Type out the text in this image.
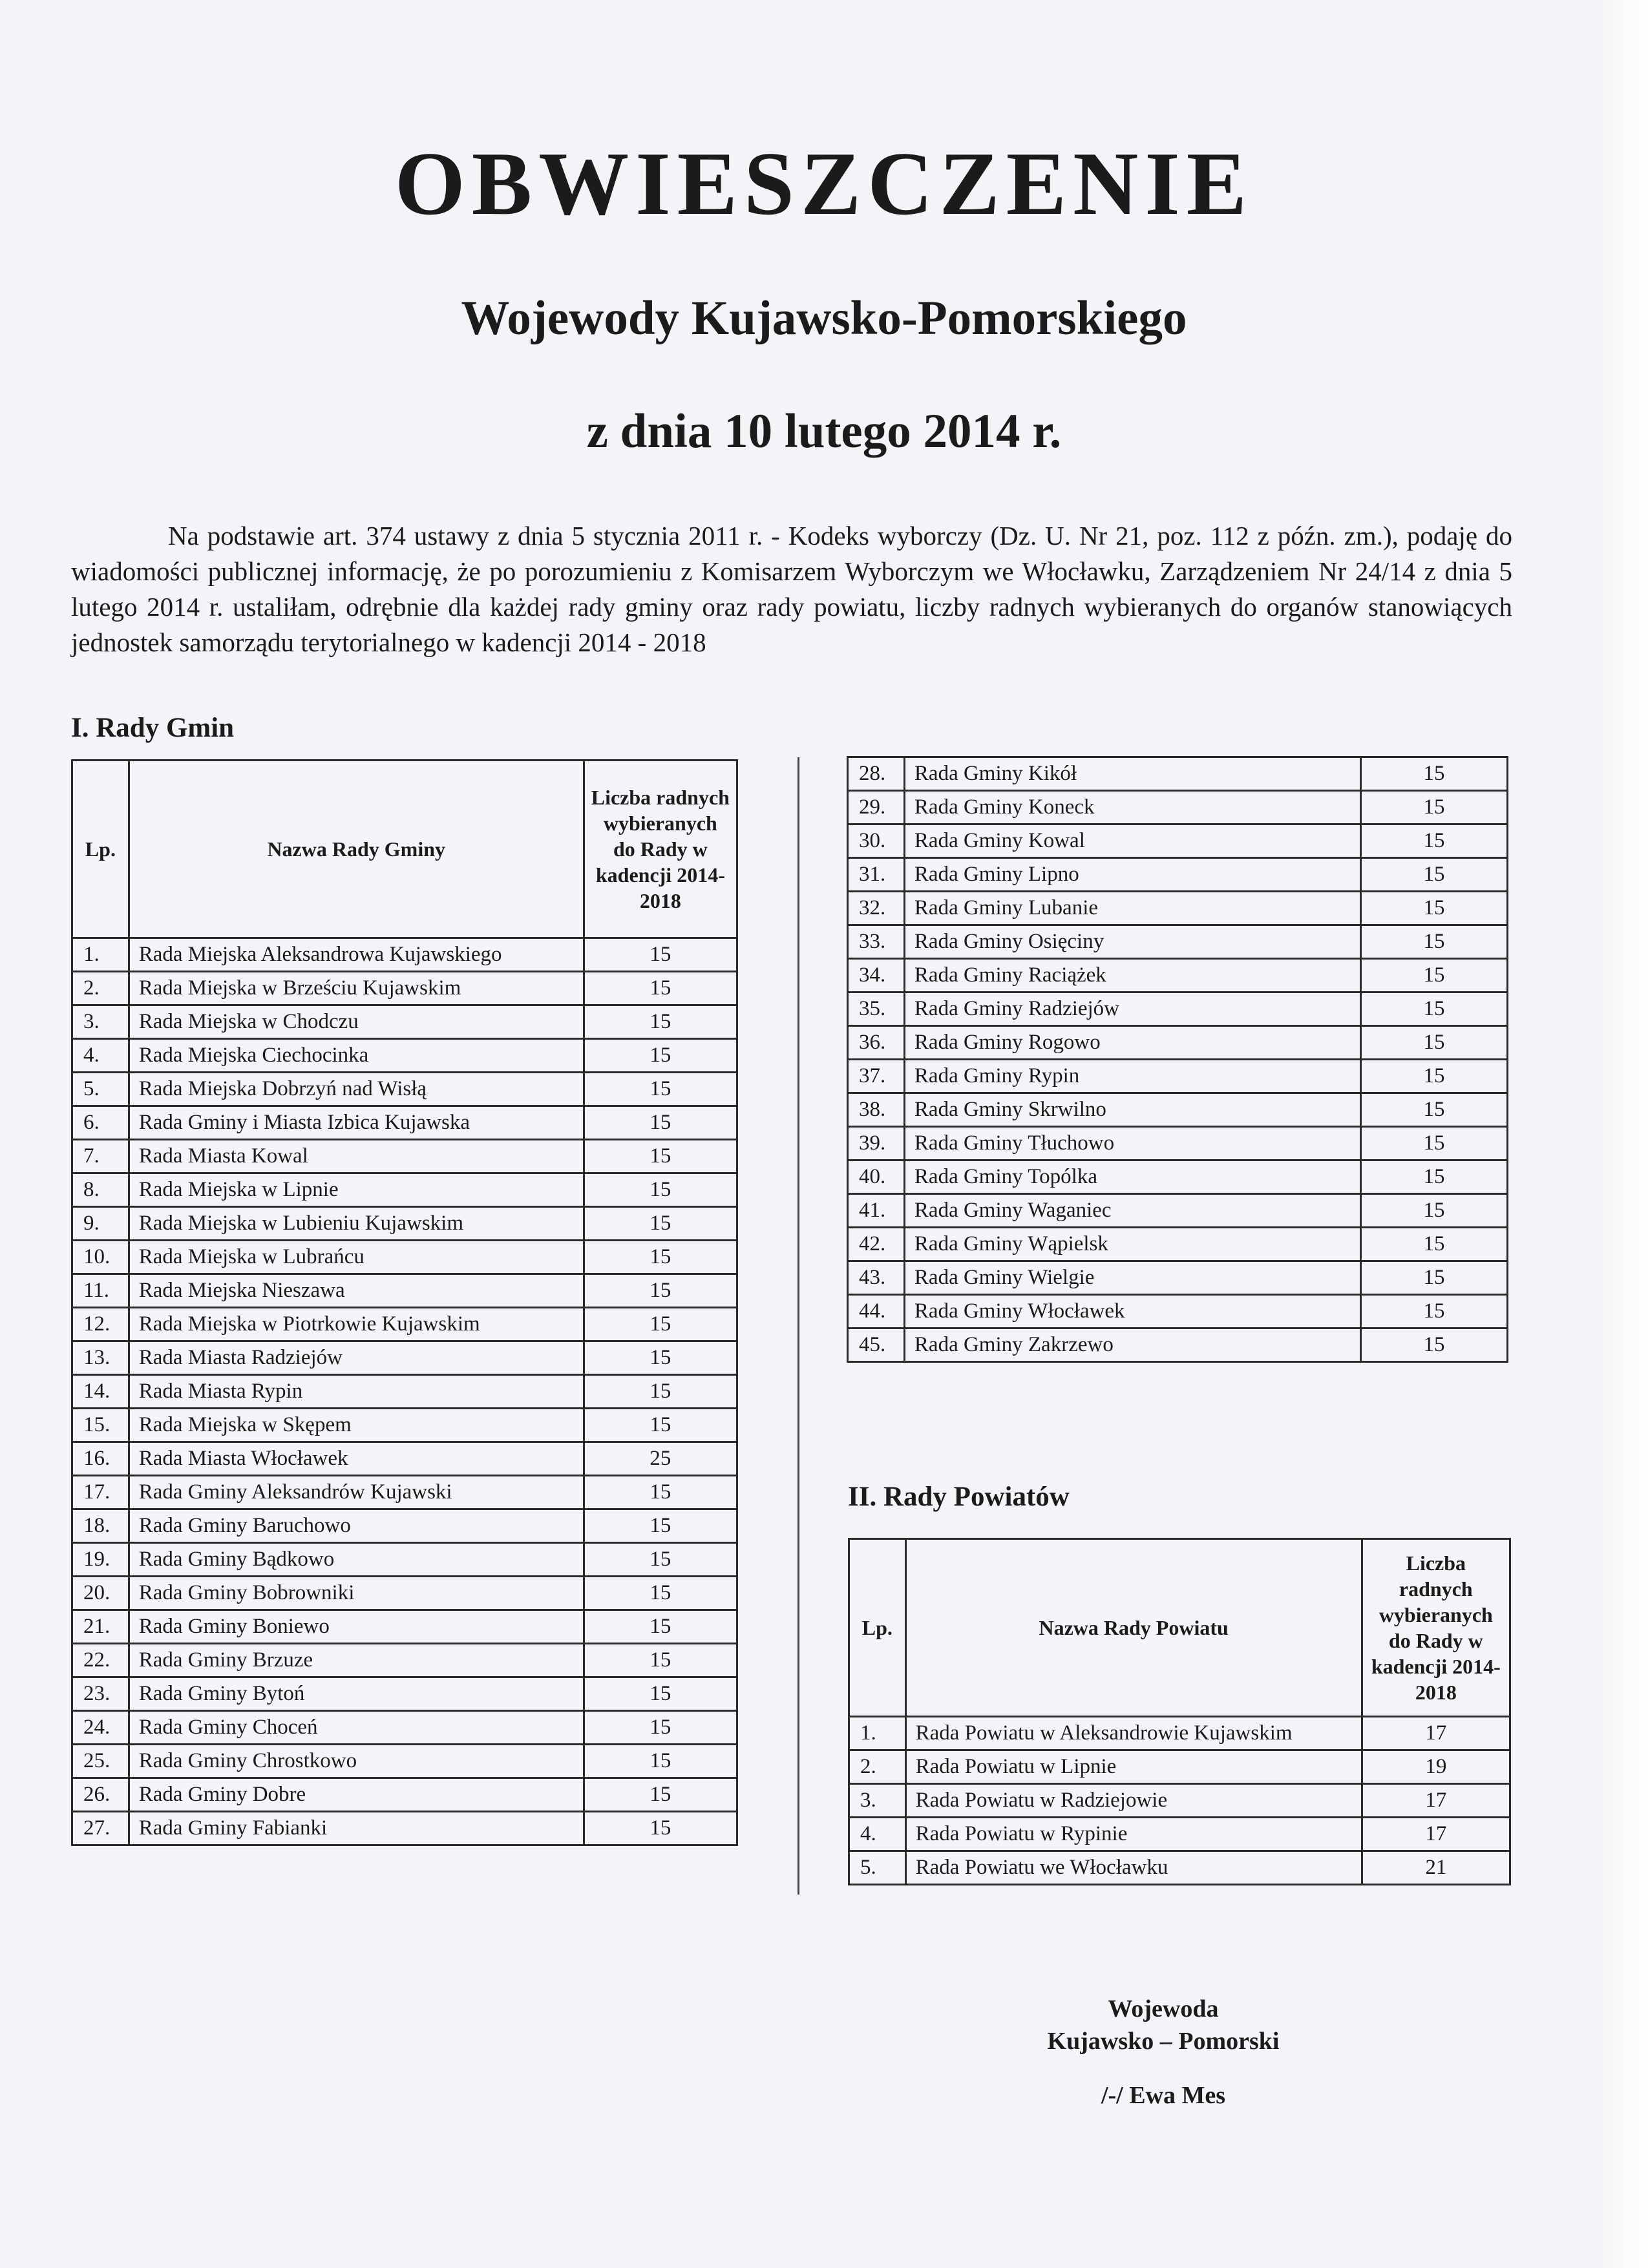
OBWIESZCZENIE
Wojewody Kujawsko-Pomorskiego
z dnia 10 lutego 2014 r.
Na podstawie art. 374 ustawy z dnia 5 stycznia 2011 r. - Kodeks wyborczy (Dz. U. Nr 21, poz. 112 z późn. zm.), podaję do wiadomości publicznej informację, że po porozumieniu z Komisarzem Wyborczym we Włocławku, Zarządzeniem Nr 24/14 z dnia 5 lutego 2014 r. ustaliłam, odrębnie dla każdej rady gminy oraz rady powiatu, liczby radnych wybieranych do organów stanowiących jednostek samorządu terytorialnego w kadencji 2014 - 2018
I. Rady Gmin
Lp.	Nazwa Rady Gminy	Liczba radnych wybieranych do Rady w kadencji 2014-2018
1.	Rada Miejska Aleksandrowa Kujawskiego	15
2.	Rada Miejska w Brześciu Kujawskim	15
3.	Rada Miejska w Chodczu	15
4.	Rada Miejska Ciechocinka	15
5.	Rada Miejska Dobrzyń nad Wisłą	15
6.	Rada Gminy i Miasta Izbica Kujawska	15
7.	Rada Miasta Kowal	15
8.	Rada Miejska w Lipnie	15
9.	Rada Miejska w Lubieniu Kujawskim	15
10.	Rada Miejska w Lubrańcu	15
11.	Rada Miejska Nieszawa	15
12.	Rada Miejska w Piotrkowie Kujawskim	15
13.	Rada Miasta Radziejów	15
14.	Rada Miasta Rypin	15
15.	Rada Miejska w Skępem	15
16.	Rada Miasta Włocławek	25
17.	Rada Gminy Aleksandrów Kujawski	15
18.	Rada Gminy Baruchowo	15
19.	Rada Gminy Bądkowo	15
20.	Rada Gminy Bobrowniki	15
21.	Rada Gminy Boniewo	15
22.	Rada Gminy Brzuze	15
23.	Rada Gminy Bytoń	15
24.	Rada Gminy Choceń	15
25.	Rada Gminy Chrostkowo	15
26.	Rada Gminy Dobre	15
27.	Rada Gminy Fabianki	15
28.	Rada Gminy Kikół	15
29.	Rada Gminy Koneck	15
30.	Rada Gminy Kowal	15
31.	Rada Gminy Lipno	15
32.	Rada Gminy Lubanie	15
33.	Rada Gminy Osięciny	15
34.	Rada Gminy Raciążek	15
35.	Rada Gminy Radziejów	15
36.	Rada Gminy Rogowo	15
37.	Rada Gminy Rypin	15
38.	Rada Gminy Skrwilno	15
39.	Rada Gminy Tłuchowo	15
40.	Rada Gminy Topólka	15
41.	Rada Gminy Waganiec	15
42.	Rada Gminy Wąpielsk	15
43.	Rada Gminy Wielgie	15
44.	Rada Gminy Włocławek	15
45.	Rada Gminy Zakrzewo	15
II. Rady Powiatów
Lp.	Nazwa Rady Powiatu	Liczba radnych wybieranych do Rady w kadencji 2014-2018
1.	Rada Powiatu w Aleksandrowie Kujawskim	17
2.	Rada Powiatu w Lipnie	19
3.	Rada Powiatu w Radziejowie	17
4.	Rada Powiatu w Rypinie	17
5.	Rada Powiatu we Włocławku	21
Wojewoda
Kujawsko – Pomorski
/-/ Ewa Mes
